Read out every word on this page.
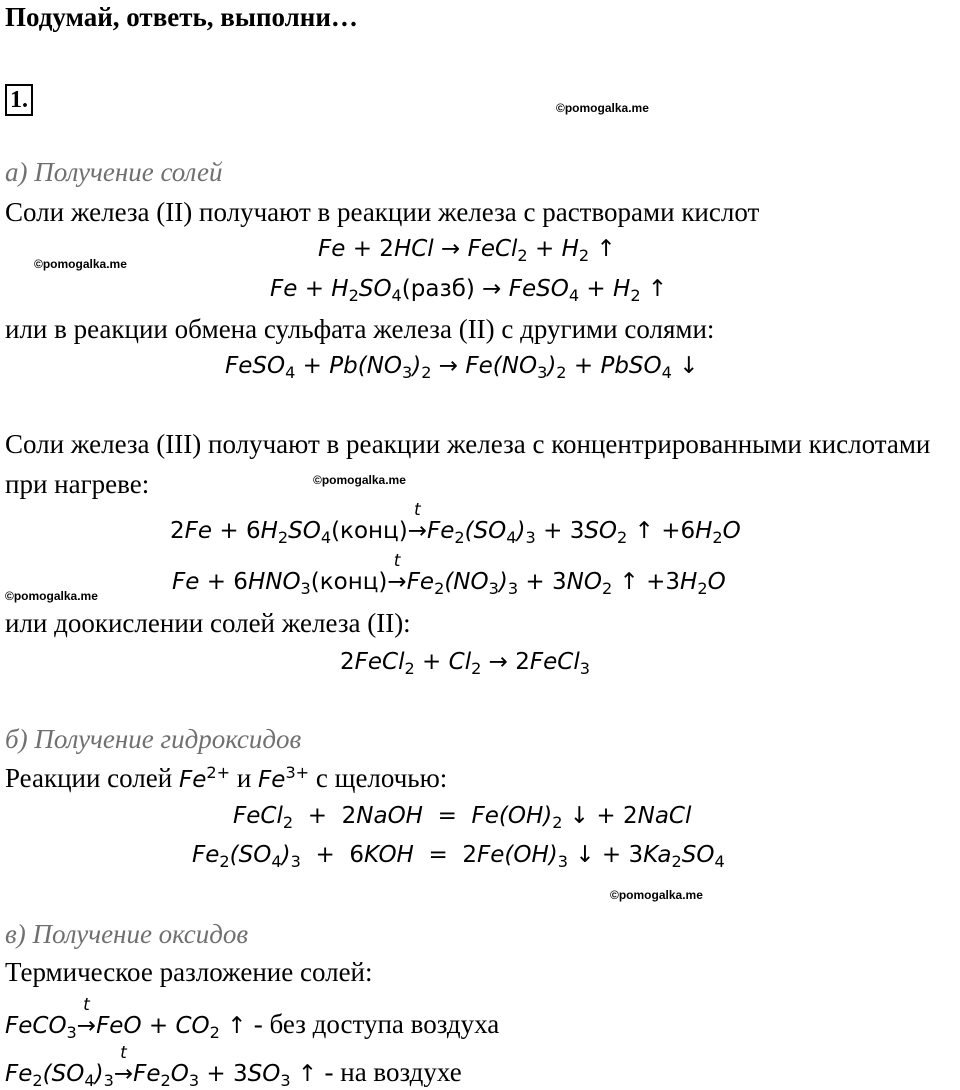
Подумай, ответь, выполни…
1.	©pomogalka.me
а) Получение солей
Соли железа (II) получают в реакции железа с растворами кислот
©pomogalka.me
Fe + 2HCl → FeCl$_2$ + $H_2$ ↑
$Fe + H_2SO_4(разб)$ → FeSO$_4$ + $H_2$ ↑
или в реакции обмена сульфата железа (II) с другими солями:
FeSO$_4$ + $Pb(NO_3)_2 \to Fe(NO_3)_2$ + PbSO$_4$ ↓
Соли железа (III) получают в реакции железа с концентрированными кислотами
при нагреве:	©pomogalka.me
$2Fe + 6H_2SO_4(конц)$
t
$\to Fe_2(SO_4)_3 + 3SO_2$ ↑ $+6H_2O$
©pomogalka.me
$Fe + 6HNO_3(конц)$
t
$\to Fe_2(NO_3)_3 + 3NO_2$ ↑ $+3H_2O$
или доокислении солей железа (II):
2FeCl$_2$ + $Cl_2$ → 2FeCl$_3$
б) Получение гидроксидов
Реакции солей $Fe^{2+}$ и $Fe^{3+}$ с щелочью:
FeCl$_2$ + 2NaOH  =  $Fe(OH)_2$ ↓ + 2NaCl
$Fe_2(SO_4)_3 + 6KOH = 2Fe(OH)_3$ ↓ + $3Ka_2SO_4$
©pomogalka.me
в) Получение оксидов
Термическое разложение солей:
FeCO$_3$
t
$\to FeO + CO_2$ ↑ - без доступа воздуха
$Fe_2(SO_4)_3$
t
$\to Fe_2O_3 + 3SO_3$ ↑ - на воздухе
